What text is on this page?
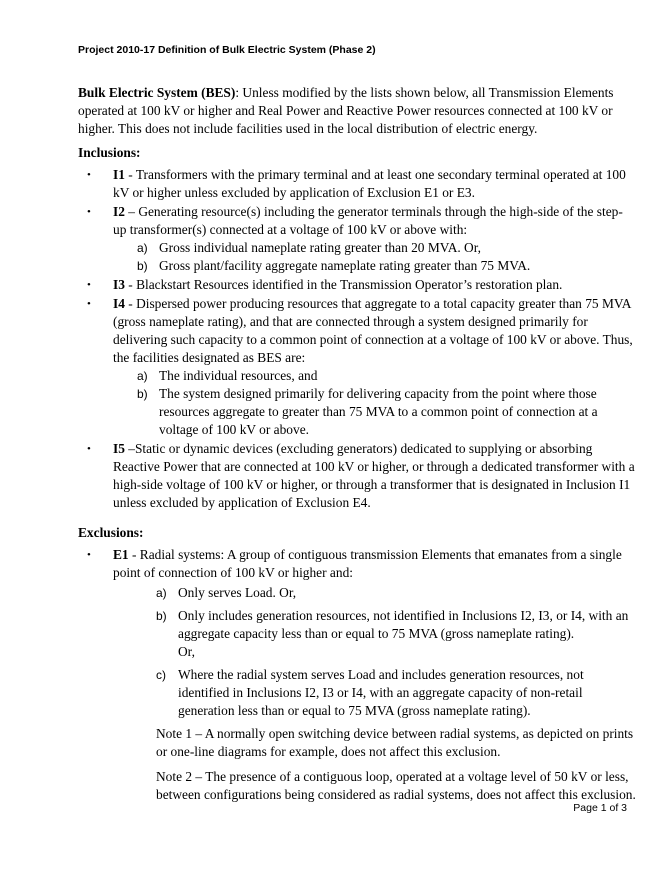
Project 2010-17 Definition of Bulk Electric System (Phase 2)

Bulk Electric System (BES): Unless modified by the lists shown below, all Transmission Elements operated at 100 kV or higher and Real Power and Reactive Power resources connected at 100 kV or higher. This does not include facilities used in the local distribution of electric energy.

Inclusions:

• I1 - Transformers with the primary terminal and at least one secondary terminal operated at 100 kV or higher unless excluded by application of Exclusion E1 or E3.
• I2 – Generating resource(s) including the generator terminals through the high-side of the step-up transformer(s) connected at a voltage of 100 kV or above with:
a) Gross individual nameplate rating greater than 20 MVA. Or,
b) Gross plant/facility aggregate nameplate rating greater than 75 MVA.
• I3 - Blackstart Resources identified in the Transmission Operator’s restoration plan.
• I4 - Dispersed power producing resources that aggregate to a total capacity greater than 75 MVA (gross nameplate rating), and that are connected through a system designed primarily for delivering such capacity to a common point of connection at a voltage of 100 kV or above. Thus, the facilities designated as BES are:
a) The individual resources, and
b) The system designed primarily for delivering capacity from the point where those resources aggregate to greater than 75 MVA to a common point of connection at a voltage of 100 kV or above.
• I5 –Static or dynamic devices (excluding generators) dedicated to supplying or absorbing Reactive Power that are connected at 100 kV or higher, or through a dedicated transformer with a high-side voltage of 100 kV or higher, or through a transformer that is designated in Inclusion I1 unless excluded by application of Exclusion E4.

Exclusions:

• E1 - Radial systems: A group of contiguous transmission Elements that emanates from a single point of connection of 100 kV or higher and:
a) Only serves Load. Or,
b) Only includes generation resources, not identified in Inclusions I2, I3, or I4, with an aggregate capacity less than or equal to 75 MVA (gross nameplate rating).
Or,
c) Where the radial system serves Load and includes generation resources, not identified in Inclusions I2, I3 or I4, with an aggregate capacity of non-retail generation less than or equal to 75 MVA (gross nameplate rating).

Note 1 – A normally open switching device between radial systems, as depicted on prints or one-line diagrams for example, does not affect this exclusion.

Note 2 – The presence of a contiguous loop, operated at a voltage level of 50 kV or less, between configurations being considered as radial systems, does not affect this exclusion.

Page 1 of 3
